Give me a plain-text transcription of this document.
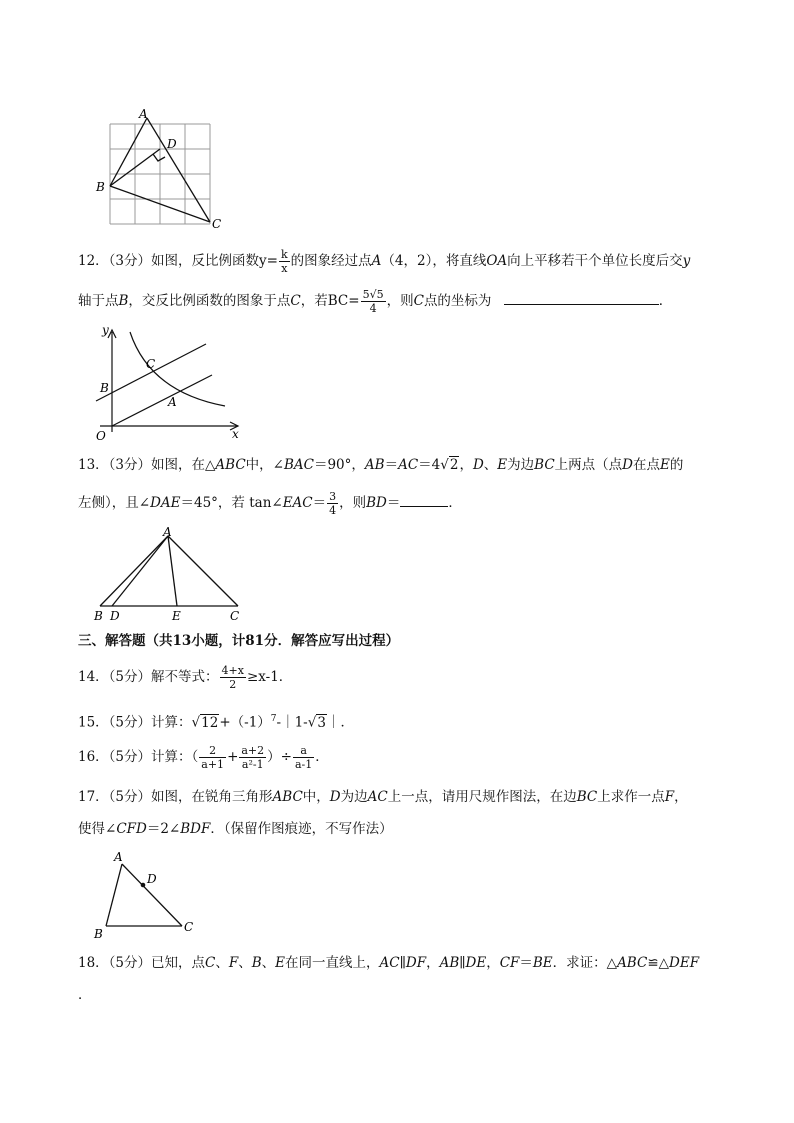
A
B
C
D
12．（3分）如图，反比例函数$y= \frac{k}{x}$ 的图象经过点A（4，2），将直线OA向上平移若干个单位长度后交y
轴于点B，交反比例函数的图象于点C，若$BC= \frac{5√5}{4}$ ，则C点的坐标为	．
y
x
O
A
B
C
13．（3分）如图，在△ABC中，∠BAC＝90°，AB＝AC＝4√2，D、E为边BC上两点（点D在点E的
左侧），且∠DAE＝45°，若 tan∠EAC＝ $\frac{3}{4}$ ，则BD＝	．
A
B D	E	C
三、解答题（共13小题，计81分．解答应写出过程）
14．（5分）解不等式： $\frac{4+x}{2} \ge x-1$．
15．（5分）计算：$√12+(-1)^7-|1-√3|$．
16．（5分）计算：（ $\frac{2}{a+1} + \frac{a+2}{\text{a²-1}}$ ）÷ $\frac{a}{a-1}$ ．
17．（5分）如图，在锐角三角形ABC中，D为边AC上一点，请用尺规作图法，在边BC上求作一点F，
使得∠CFD＝2∠BDF．（保留作图痕迹，不写作法）
A
B	C
D
18．（5分）已知，点C、F、B、E在同一直线上，AC∥DF，AB∥DE，CF＝BE．求证：△ABC≌△DEF
．
